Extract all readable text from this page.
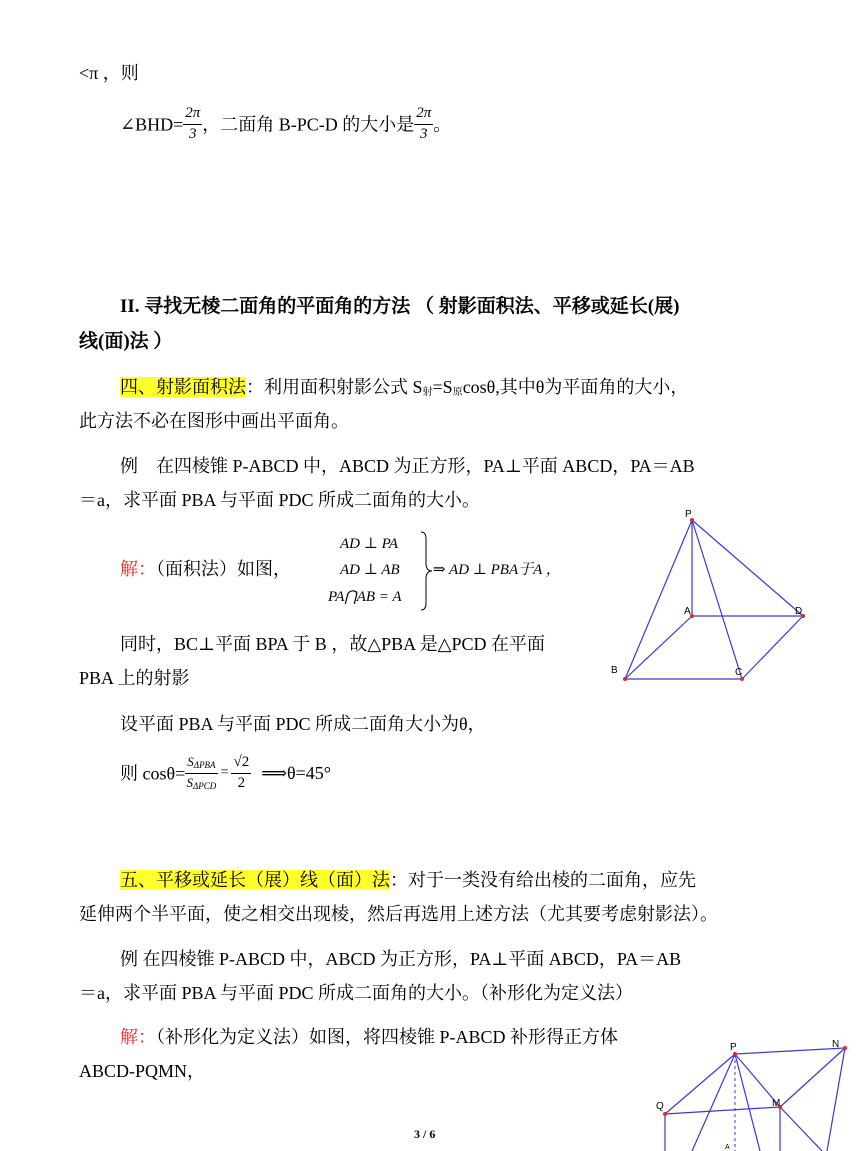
<π ，则
∠BHD= $\frac{2\pi}{3}$ ，二面角 B-PC-D 的大小是 $\frac{2\pi}{3}$ 。
II. 寻找无棱二面角的平面角的方法 （ 射影面积法、平移或延长(展)
线(面)法 ）
四、射影面积法：利用面积射影公式 $S_射=S_原\cos\theta$,其中θ为平面角的大小，
此方法不必在图形中画出平面角。
例　在四棱锥 P-ABCD 中，ABCD 为正方形，PA⊥平面 ABCD，PA＝AB
＝a，求平面 PBA 与平面 PDC 所成二面角的大小。
解：（面积法）如图，
AD ⊥ PA
AD ⊥ AB
PA⋂AB = A
⇒ AD ⊥ PBA于A ，
同时，BC⊥平面 BPA 于 B ，故△PBA 是△PCD 在平面
PBA 上的射影
设平面 PBA 与平面 PDC 所成二面角大小为θ，
则 $\cos\theta= \frac{S_{\Delta PBA}}{S_{\Delta PCD}} = \frac{√2}{2}$ ⟹θ=45°
P
A	D
B	C
五、平移或延长（展）线（面）法：对于一类没有给出棱的二面角，应先
延伸两个半平面，使之相交出现棱，然后再选用上述方法（尤其要考虑射影法）。
例 在四棱锥 P-ABCD 中，ABCD 为正方形，PA⊥平面 ABCD，PA＝AB
＝a，求平面 PBA 与平面 PDC 所成二面角的大小。（补形化为定义法）
解：（补形化为定义法）如图，将四棱锥 P-ABCD 补形得正方体
ABCD-PQMN，
P	N
Q	M
A
3 / 6
